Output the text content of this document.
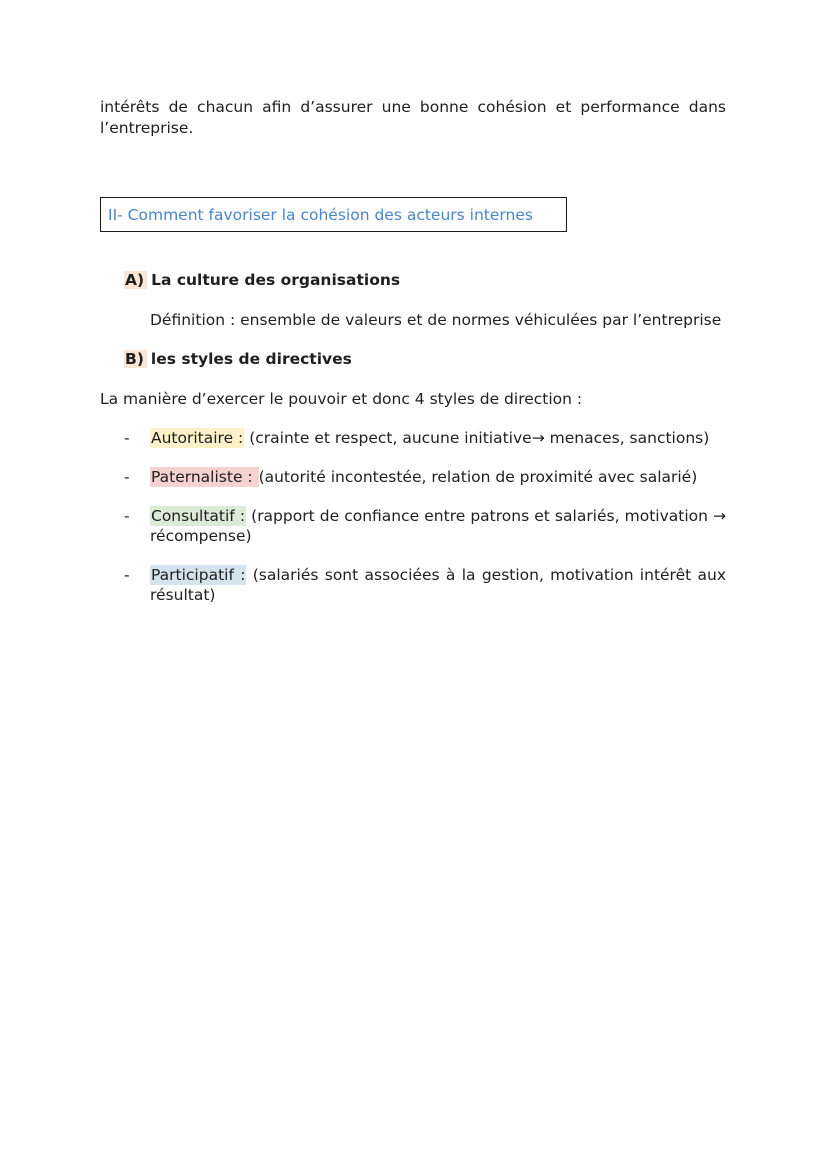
intérêts de chacun afin d’assurer une bonne cohésion et performance dans l’entreprise.

II- Comment favoriser la cohésion des acteurs internes
A) La culture des organisations
Définition : ensemble de valeurs et de normes véhiculées par l’entreprise
B) les styles de directives
La manière d’exercer le pouvoir et donc 4 styles de direction :
- Autoritaire : (crainte et respect, aucune initiative→ menaces, sanctions)
- Paternaliste : (autorité incontestée, relation de proximité avec salarié)
- Consultatif : (rapport de confiance entre patrons et salariés, motivation → récompense)
- Participatif : (salariés sont associées à la gestion, motivation intérêt aux résultat)
